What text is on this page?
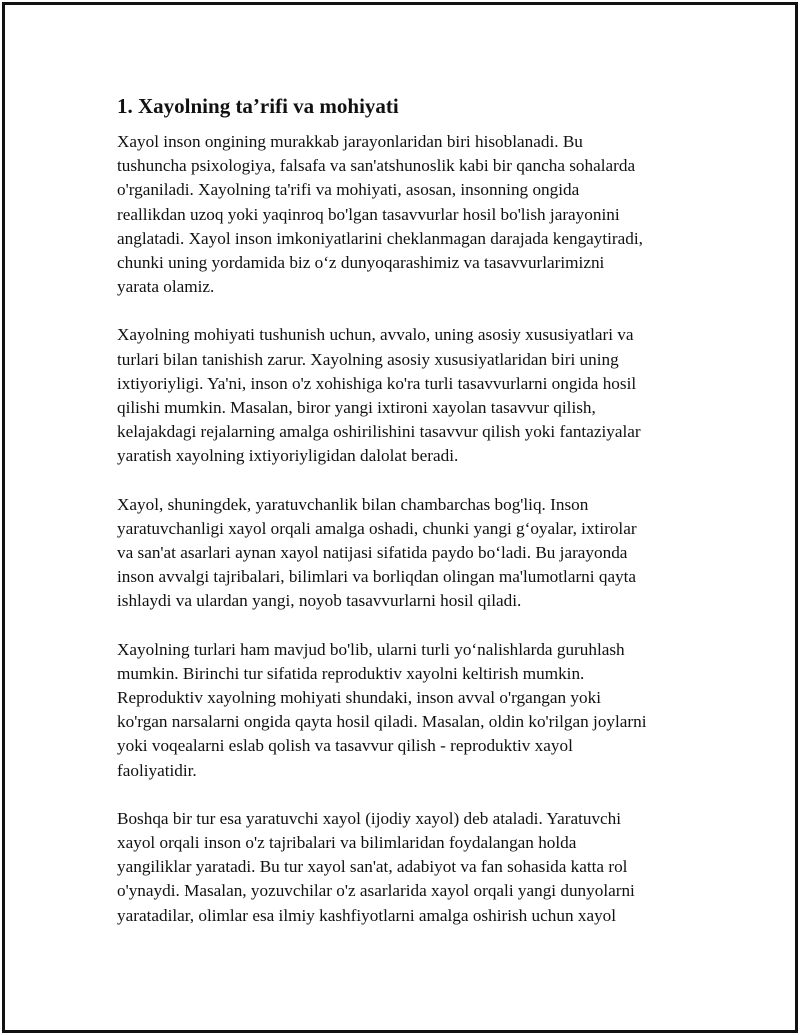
1. Xayolning ta’rifi va mohiyati

Xayol inson ongining murakkab jarayonlaridan biri hisoblanadi. Bu
tushuncha psixologiya, falsafa va san'atshunoslik kabi bir qancha sohalarda
o'rganiladi. Xayolning ta'rifi va mohiyati, asosan, insonning ongida
reallikdan uzoq yoki yaqinroq bo'lgan tasavvurlar hosil bo'lish jarayonini
anglatadi. Xayol inson imkoniyatlarini cheklanmagan darajada kengaytiradi,
chunki uning yordamida biz o‘z dunyoqarashimiz va tasavvurlarimizni
yarata olamiz.

Xayolning mohiyati tushunish uchun, avvalo, uning asosiy xususiyatlari va
turlari bilan tanishish zarur. Xayolning asosiy xususiyatlaridan biri uning
ixtiyoriyligi. Ya'ni, inson o'z xohishiga ko'ra turli tasavvurlarni ongida hosil
qilishi mumkin. Masalan, biror yangi ixtironi xayolan tasavvur qilish,
kelajakdagi rejalarning amalga oshirilishini tasavvur qilish yoki fantaziyalar
yaratish xayolning ixtiyoriyligidan dalolat beradi.

Xayol, shuningdek, yaratuvchanlik bilan chambarchas bog'liq. Inson
yaratuvchanligi xayol orqali amalga oshadi, chunki yangi g‘oyalar, ixtirolar
va san'at asarlari aynan xayol natijasi sifatida paydo bo‘ladi. Bu jarayonda
inson avvalgi tajribalari, bilimlari va borliqdan olingan ma'lumotlarni qayta
ishlaydi va ulardan yangi, noyob tasavvurlarni hosil qiladi.

Xayolning turlari ham mavjud bo'lib, ularni turli yo‘nalishlarda guruhlash
mumkin. Birinchi tur sifatida reproduktiv xayolni keltirish mumkin.
Reproduktiv xayolning mohiyati shundaki, inson avval o'rgangan yoki
ko'rgan narsalarni ongida qayta hosil qiladi. Masalan, oldin ko'rilgan joylarni
yoki voqealarni eslab qolish va tasavvur qilish - reproduktiv xayol
faoliyatidir.

Boshqa bir tur esa yaratuvchi xayol (ijodiy xayol) deb ataladi. Yaratuvchi
xayol orqali inson o'z tajribalari va bilimlaridan foydalangan holda
yangiliklar yaratadi. Bu tur xayol san'at, adabiyot va fan sohasida katta rol
o'ynaydi. Masalan, yozuvchilar o'z asarlarida xayol orqali yangi dunyolarni
yaratadilar, olimlar esa ilmiy kashfiyotlarni amalga oshirish uchun xayol
